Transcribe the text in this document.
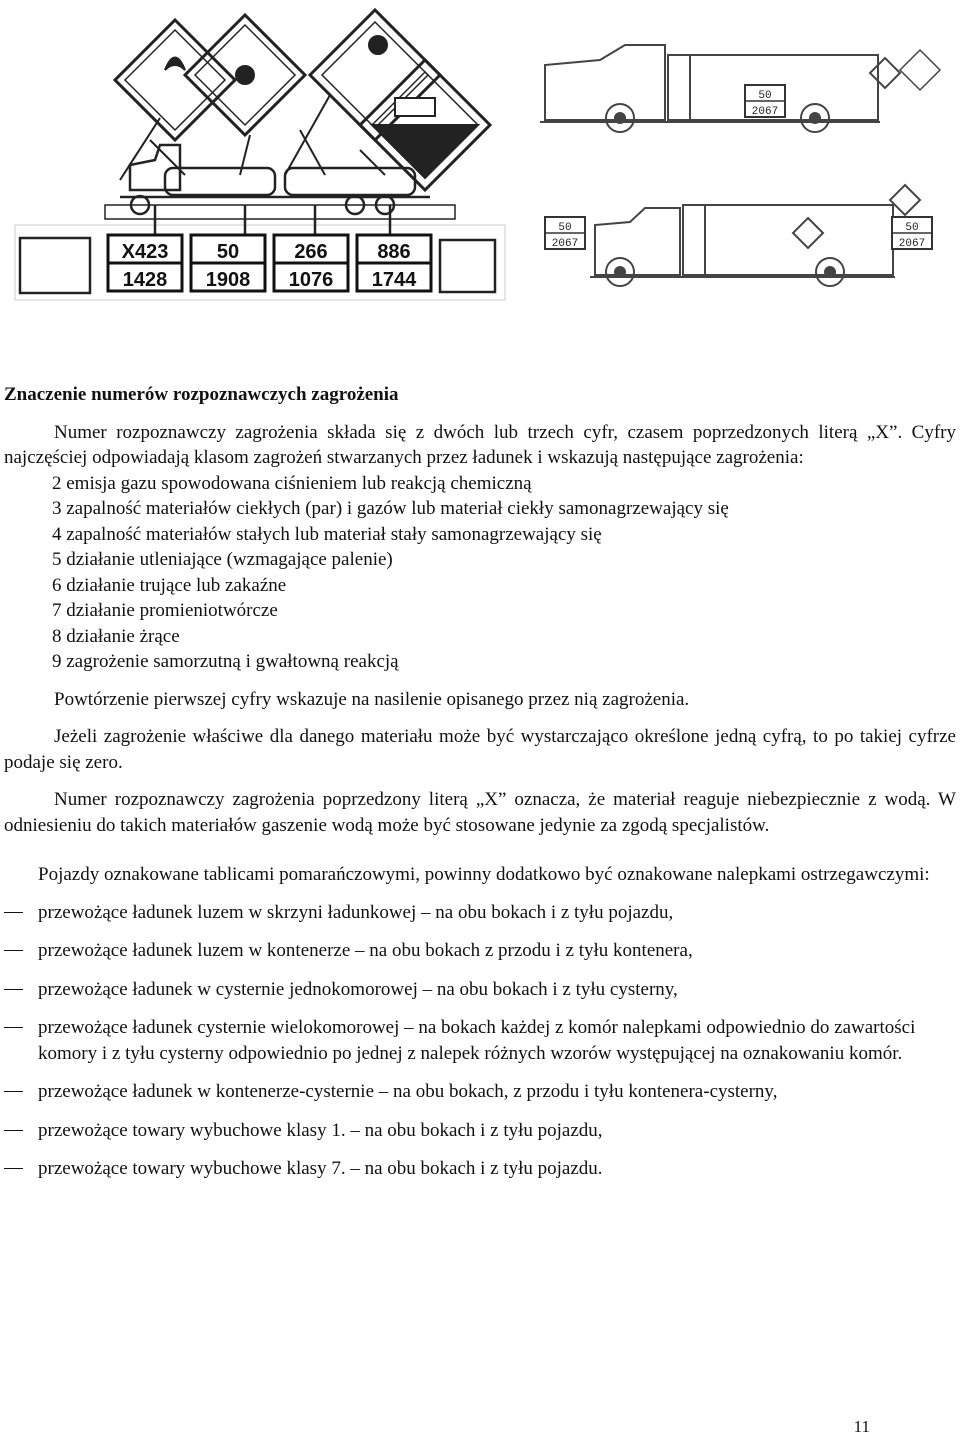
X423
1428
50
1908
266
1076
886
1744
50
2067
50
2067
50
2067
Znaczenie numerów rozpoznawczych zagrożenia

Numer rozpoznawczy zagrożenia składa się z dwóch lub trzech cyfr, czasem poprzedzonych literą „X”. Cyfry najczęściej odpowiadają klasom zagrożeń stwarzanych przez ładunek i wskazują następujące zagrożenia:

2 emisja gazu spowodowana ciśnieniem lub reakcją chemiczną

3 zapalność materiałów ciekłych (par) i gazów lub materiał ciekły samonagrzewający się

4 zapalność materiałów stałych lub materiał stały samonagrzewający się

5 działanie utleniające (wzmagające palenie)

6 działanie trujące lub zakaźne

7 działanie promieniotwórcze

8 działanie żrące

9 zagrożenie samorzutną i gwałtowną reakcją

Powtórzenie pierwszej cyfry wskazuje na nasilenie opisanego przez nią zagrożenia.

Jeżeli zagrożenie właściwe dla danego materiału może być wystarczająco określone jedną cyfrą, to po takiej cyfrze podaje się zero.

Numer rozpoznawczy zagrożenia poprzedzony literą „X” oznacza, że materiał reaguje niebezpiecznie z wodą. W odniesieniu do takich materiałów gaszenie wodą może być stosowane jedynie za zgodą specjalistów.

Pojazdy oznakowane tablicami pomarańczowymi, powinny dodatkowo być oznakowane nalepkami ostrzegawczymi:

przewożące ładunek luzem w skrzyni ładunkowej – na obu bokach i z tyłu pojazdu,
przewożące ładunek luzem w kontenerze – na obu bokach z przodu i z tyłu kontenera,
przewożące ładunek w cysternie jednokomorowej – na obu bokach i z tyłu cysterny,
przewożące ładunek cysternie wielokomorowej – na bokach każdej z komór nalepkami odpowiednio do zawartości komory i z tyłu cysterny odpowiednio po jednej z nalepek różnych wzorów występującej na oznakowaniu komór.
przewożące ładunek w kontenerze-cysternie – na obu bokach, z przodu i tyłu kontenera-cysterny,
przewożące towary wybuchowe klasy 1. – na obu bokach i z tyłu pojazdu,
przewożące towary wybuchowe klasy 7. – na obu bokach i z tyłu pojazdu.
11
